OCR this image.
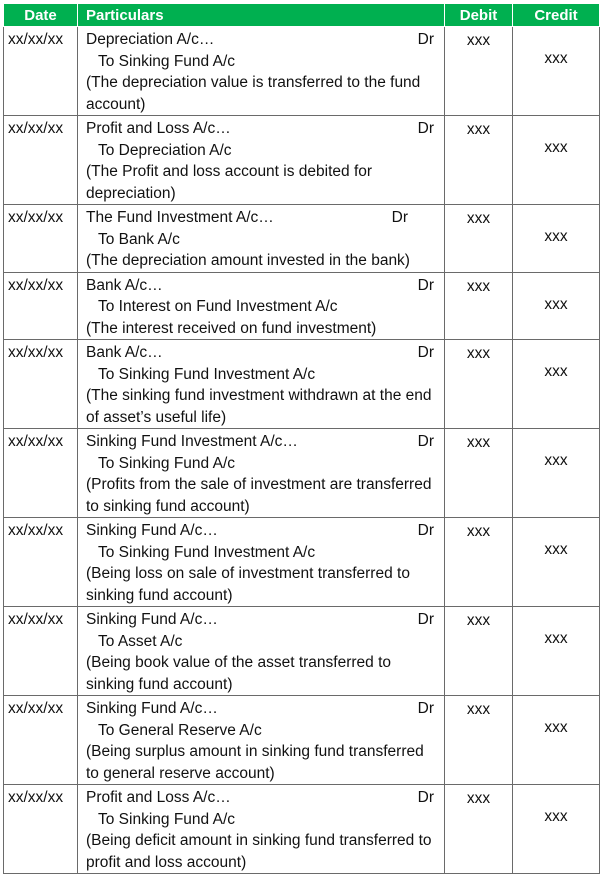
Date	Particulars	Debit	Credit
xx/xx/xx	Depreciation A/c… Dr
To Sinking Fund A/c
(The depreciation value is transferred to the fund account)	xxx	xxx

xx/xx/xx	Profit and Loss A/c… Dr
To Depreciation A/c
(The Profit and loss account is debited for depreciation)	xxx	xxx

xx/xx/xx	The Fund Investment A/c… Dr
To Bank A/c
(The depreciation amount invested in the bank)	xxx	xxx

xx/xx/xx	Bank A/c… Dr
To Interest on Fund Investment A/c
(The interest received on fund investment)	xxx	xxx

xx/xx/xx	Bank A/c… Dr
To Sinking Fund Investment A/c
(The sinking fund investment withdrawn at the end of asset’s useful life)	xxx	xxx

xx/xx/xx	Sinking Fund Investment A/c… Dr
To Sinking Fund A/c
(Profits from the sale of investment are transferred to sinking fund account)	xxx	xxx

xx/xx/xx	Sinking Fund A/c… Dr
To Sinking Fund Investment A/c
(Being loss on sale of investment transferred to sinking fund account)	xxx	xxx

xx/xx/xx	Sinking Fund A/c… Dr
To Asset A/c
(Being book value of the asset transferred to sinking fund account)	xxx	xxx

xx/xx/xx	Sinking Fund A/c… Dr
To General Reserve A/c
(Being surplus amount in sinking fund transferred to general reserve account)	xxx	xxx

xx/xx/xx	Profit and Loss A/c… Dr
To Sinking Fund A/c
(Being deficit amount in sinking fund transferred to profit and loss account)	xxx	xxx
